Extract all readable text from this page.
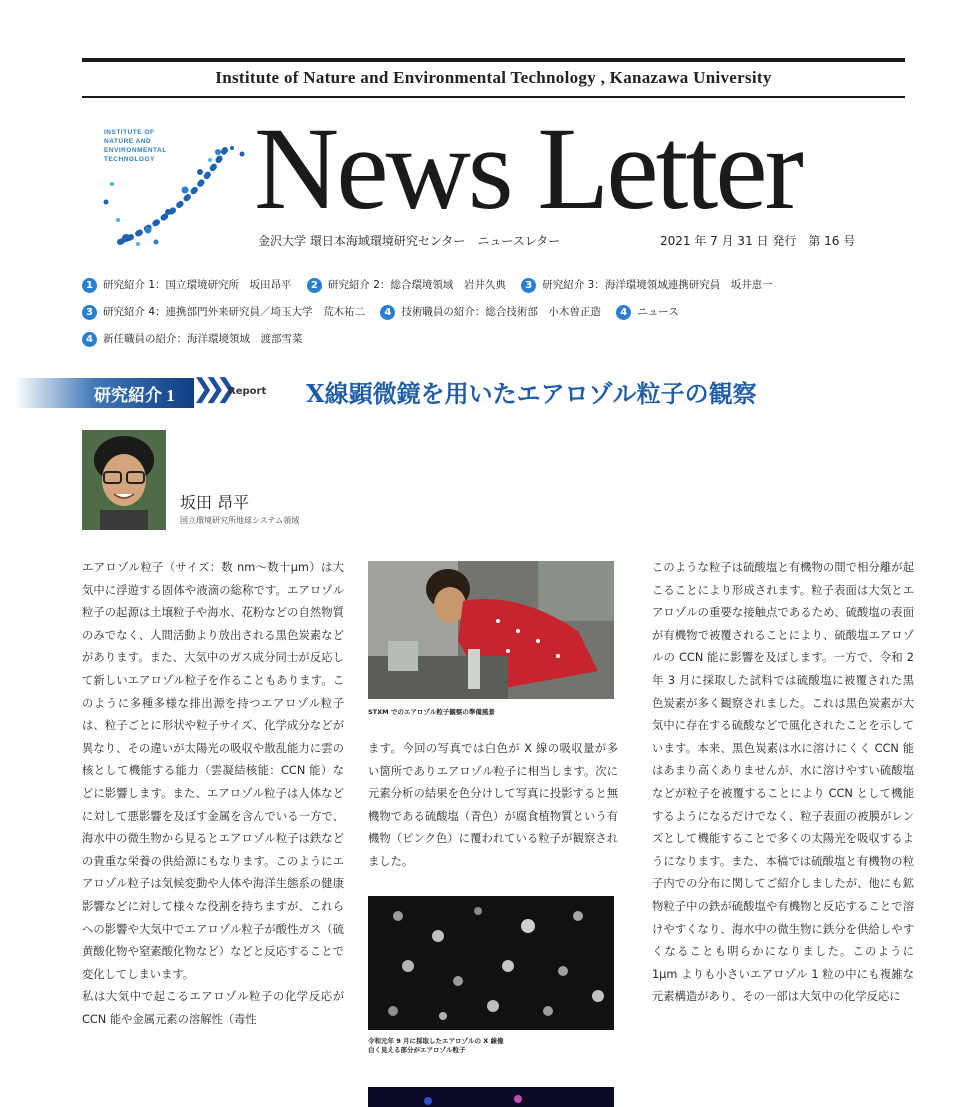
Institute of Nature and Environmental Technology , Kanazawa University
INSTITUTE OF
NATURE AND
ENVIRONMENTAL
TECHNOLOGY News Letter
金沢大学 環日本海域環境研究センター　ニュースレター	2021 年 7 月 31 日 発行　第 16 号
1 研究紹介 1：国立環境研究所　坂田昂平 2 研究紹介 2：総合環境領域　岩井久典 3 研究紹介 3：海洋環境領域連携研究員　坂井恵一
3 研究紹介 4：連携部門外来研究員／埼玉大学　荒木祐二 4 技術職員の紹介：総合技術部　小木曽正造 4 ニュース
4 新任職員の紹介：海洋環境領域　渡部雪菜
研究紹介 1 ❯❯❯ Report X線顕微鏡を用いたエアロゾル粒子の観察
坂田 昂平
国立環境研究所地球システム領域

エアロゾル粒子（サイズ：数 nm〜数十μm）は大気中に浮遊する固体や液滴の総称です。エアロゾル粒子の起源は土壌粒子や海水、花粉などの自然物質のみでなく、人間活動より放出される黒色炭素などがあります。また、大気中のガス成分同士が反応して新しいエアロゾル粒子を作ることもあります。このように多種多様な排出源を持つエアロゾル粒子は、粒子ごとに形状や粒子サイズ、化学成分などが異なり、その違いが太陽光の吸収や散乱能力に雲の核として機能する能力（雲凝結核能：CCN 能）などに影響します。また、エアロゾル粒子は人体などに対して悪影響を及ぼす金属を含んでいる一方で、海水中の微生物から見るとエアロゾル粒子は鉄などの貴重な栄養の供給源にもなります。このようにエアロゾル粒子は気候変動や人体や海洋生態系の健康影響などに対して様々な役割を持ちますが、これらへの影響や大気中でエアロゾル粒子が酸性ガス（硫黄酸化物や窒素酸化物など）などと反応することで変化してしまいます。

私は大気中で起こるエアロゾル粒子の化学反応が CCN 能や金属元素の溶解性（毒性

STXM でのエアロゾル粒子観察の準備風景

ます。今回の写真では白色が X 線の吸収量が多い箇所でありエアロゾル粒子に相当します。次に元素分析の結果を色分けして写真に投影すると無機物である硫酸塩（青色）が腐食植物質という有機物（ピンク色）に覆われている粒子が観察されました。

令和元年 9 月に採取したエアロゾルの X 線像
白く見える部分がエアロゾル粒子

このような粒子は硫酸塩と有機物の間で相分離が起こることにより形成されます。粒子表面は大気とエアロゾルの重要な接触点であるため、硫酸塩の表面が有機物で被覆されることにより、硫酸塩エアロゾルの CCN 能に影響を及ぼします。一方で、令和 2 年 3 月に採取した試料では硫酸塩に被覆された黒色炭素が多く観察されました。これは黒色炭素が大気中に存在する硫酸などで風化されたことを示しています。本来、黒色炭素は水に溶けにくく CCN 能はあまり高くありませんが、水に溶けやすい硫酸塩などが粒子を被覆することにより CCN として機能するようになるだけでなく、粒子表面の被膜がレンズとして機能することで多くの太陽光を吸収するようになります。また、本稿では硫酸塩と有機物の粒子内での分布に関してご紹介しましたが、他にも鉱物粒子中の鉄が硫酸塩や有機物と反応することで溶けやすくなり、海水中の微生物に鉄分を供給しやすくなることも明らかになりました。このように 1μm よりも小さいエアロゾル 1 粒の中にも複雑な元素構造があり、その一部は大気中の化学反応に
